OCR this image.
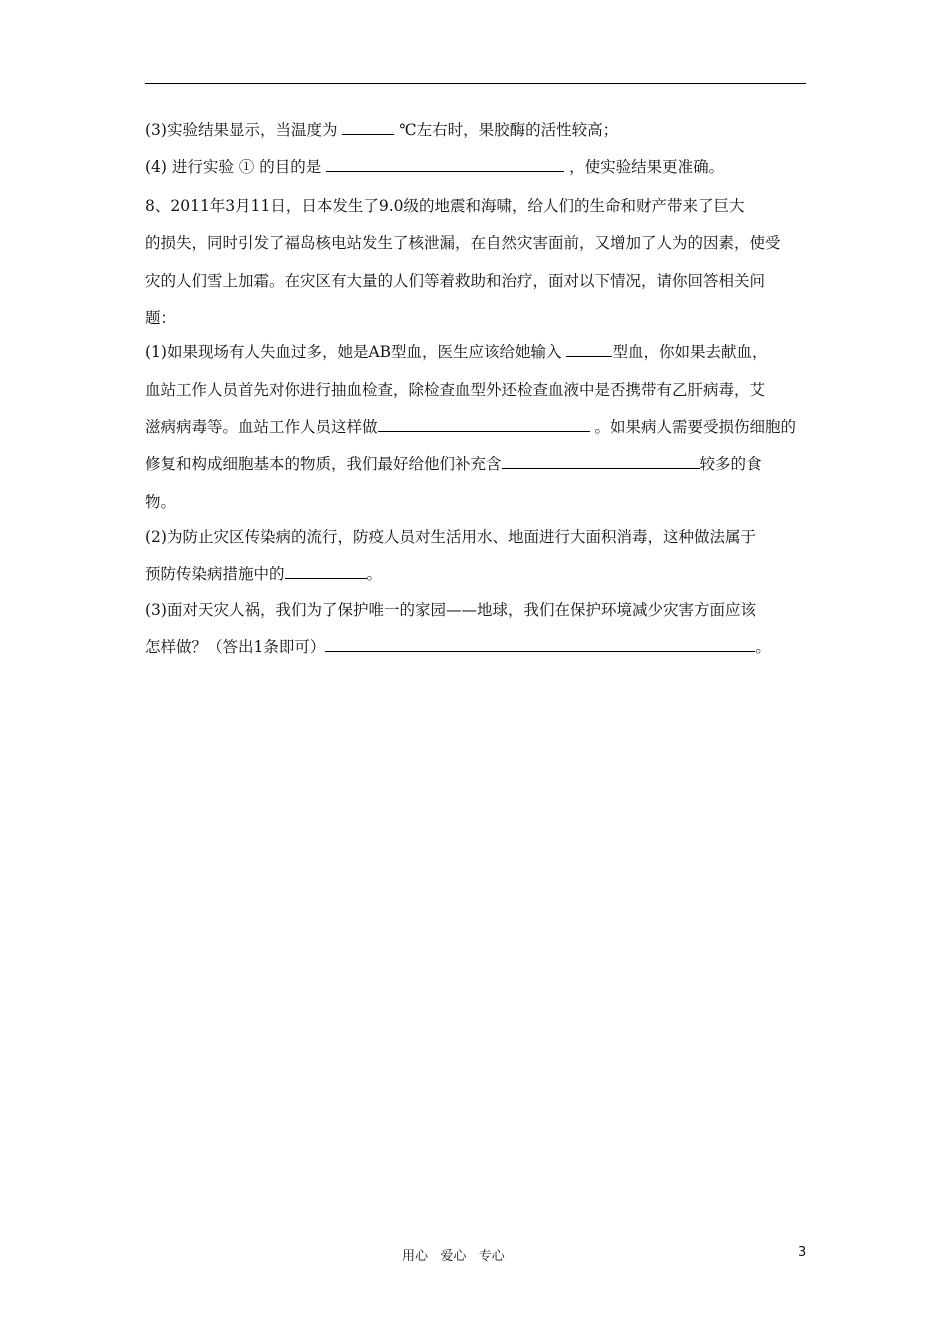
(3)实验结果显示，当温度为	℃左右时，果胶酶的活性较高；
(4) 进行实验 ① 的目的是	，使实验结果更准确。
8、2011年3月11日，日本发生了9.0级的地震和海啸，给人们的生命和财产带来了巨大
的损失，同时引发了福岛核电站发生了核泄漏，在自然灾害面前，又增加了人为的因素，使受
灾的人们雪上加霜。在灾区有大量的人们等着救助和治疗，面对以下情况，请你回答相关问
题：
(1)如果现场有人失血过多，她是AB型血，医生应该给她输入	型血，你如果去献血，
血站工作人员首先对你进行抽血检查，除检查血型外还检查血液中是否携带有乙肝病毒，艾
滋病病毒等。血站工作人员这样做	。如果病人需要受损伤细胞的
修复和构成细胞基本的物质，我们最好给他们补充含	较多的食
物。
(2)为防止灾区传染病的流行，防疫人员对生活用水、地面进行大面积消毒，这种做法属于
预防传染病措施中的	。
(3)面对天灾人祸，我们为了保护唯一的家园——地球，我们在保护环境减少灾害方面应该
怎样做？（答出1条即可）	。
用心   爱心   专心	3
